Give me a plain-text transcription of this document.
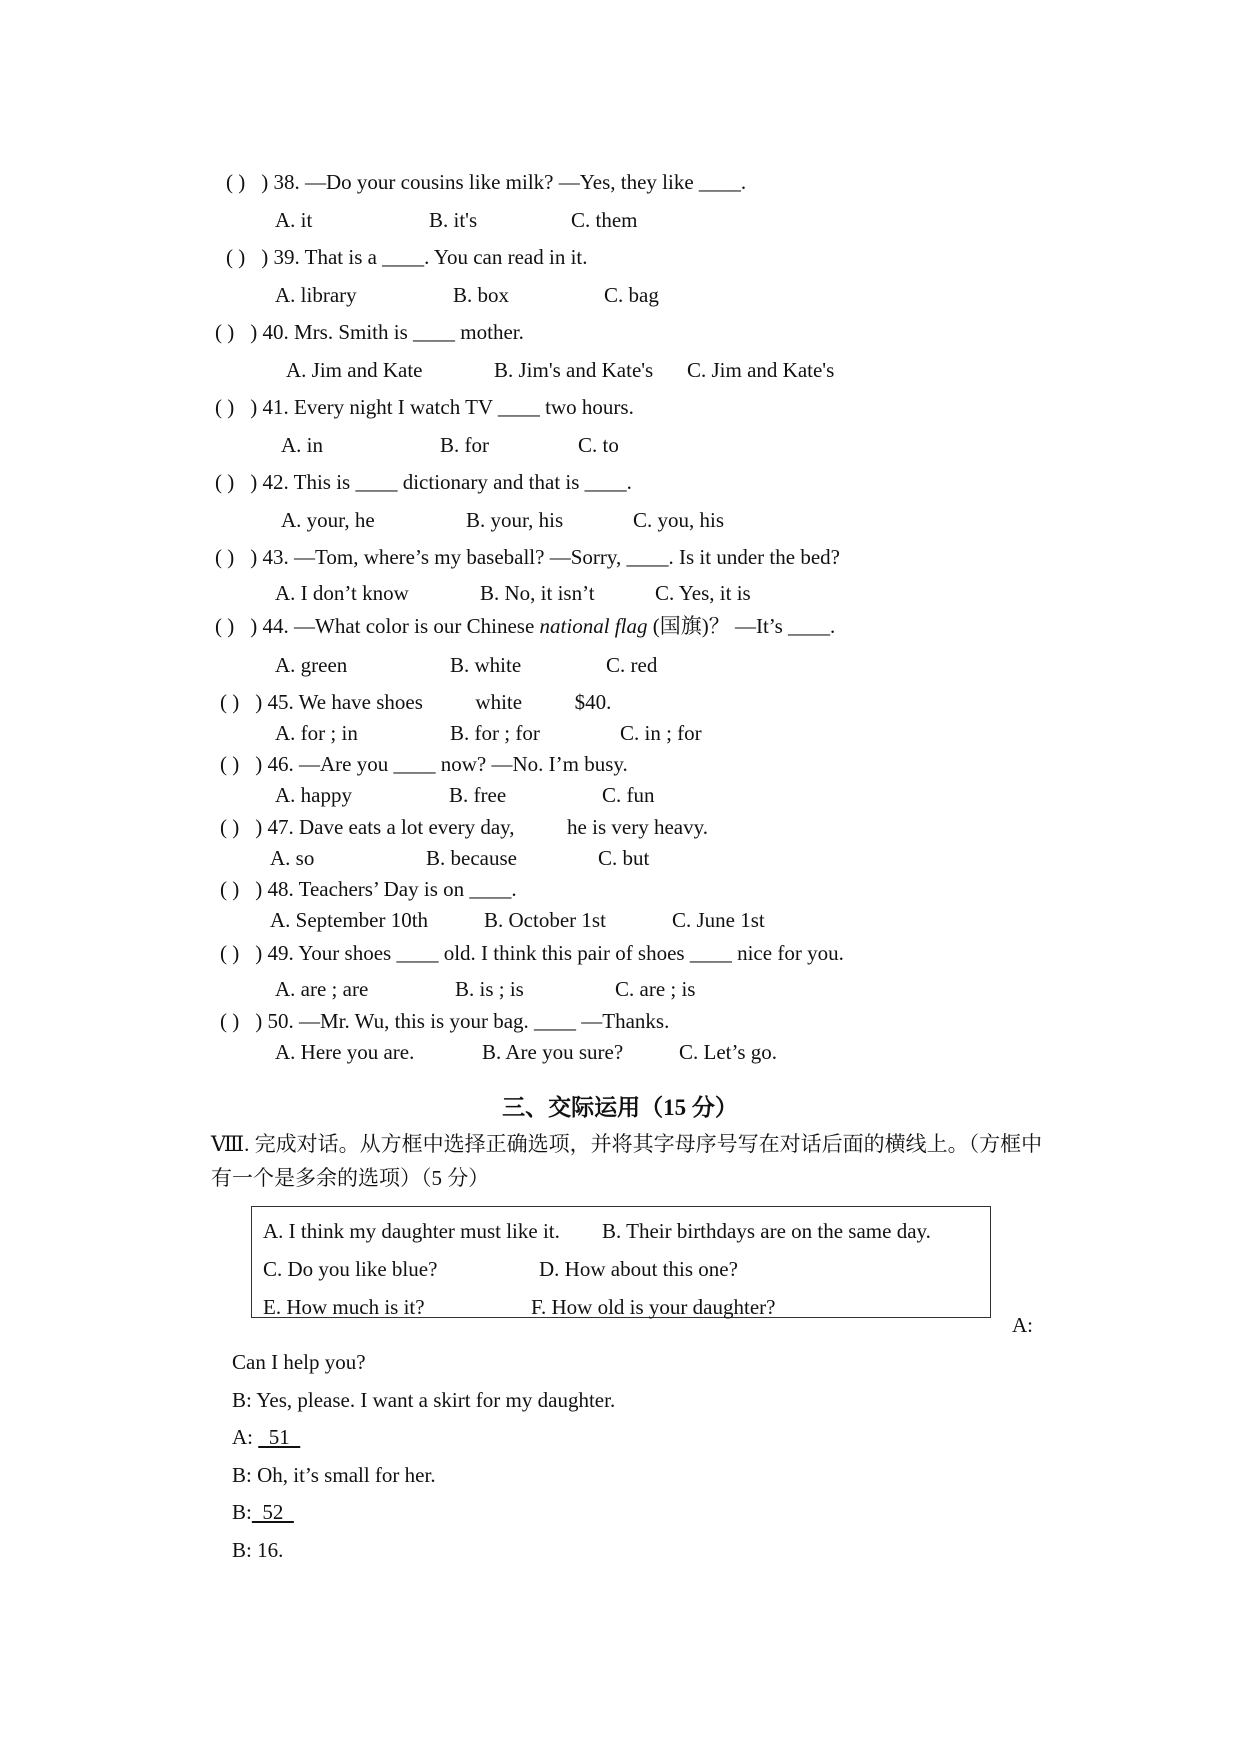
( ) ) 38. —Do your cousins like milk? —Yes, they like ____.
A. it	B. it's	C. them
( ) ) 39. That is a ____. You can read in it.
A. library	B. box	C. bag
( ) ) 40. Mrs. Smith is ____ mother.
A. Jim and Kate	B. Jim's and Kate's C. Jim and Kate's
( ) ) 41. Every night I watch TV ____ two hours.
A. in	B. for	C. to
( ) ) 42. This is ____ dictionary and that is ____.
A. your, he	B. your, his	C. you, his
( ) ) 43. —Tom, where’s my baseball? —Sorry, ____. Is it under the bed?
A. I don’t know	B. No, it isn’t	C. Yes, it is
( ) ) 44. —What color is our Chinese national flag (国旗)？ —It’s ____.
A. green	B. white	C. red
( ) ) 45. We have shoes white $40.
A. for ; in	B. for ; for	C. in ; for
( ) ) 46. —Are you ____ now? —No. I’m busy.
A. happy	B. free	C. fun
( ) ) 47. Dave eats a lot every day, he is very heavy.
A. so	B. because	C. but
( ) ) 48. Teachers’ Day is on ____.
A. September 10th	B. October 1st	C. June 1st
( ) ) 49. Your shoes ____ old. I think this pair of shoes ____ nice for you.
A. are ; are	B. is ; is	C. are ; is
( ) ) 50. —Mr. Wu, this is your bag. ____ —Thanks.
A. Here you are.	B. Are you sure?	C. Let’s go.
三、交际运用（15 分）
Ⅷ. 完成对话。从方框中选择正确选项，并将其字母序号写在对话后面的横线上。（方框中有一个是多余的选项）（5 分）
A. I think my daughter must like it. B. Their birthdays are on the same day.
C. Do you like blue?	D. How about this one?
E. How much is it?	F. How old is your daughter?
A:
Can I help you?
B: Yes, please. I want a skirt for my daughter.
A:   51
B: Oh, it’s small for her.
B:  52
B: 16.
